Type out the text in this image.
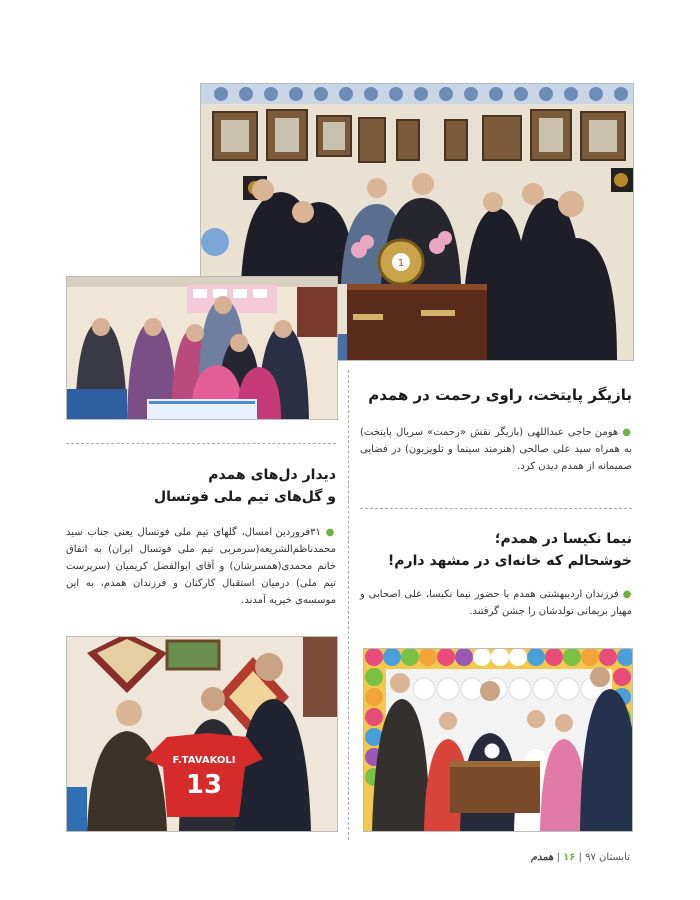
1
بازیگر پایتخت، راوی رحمت در همدم
● هومن حاجی عبداللهی (بازیگر نقش «رحمت» سریال پایتخت) به همراه سید علی صالحی (هنرمند سینما و تلویزیون) در فضایی صمیمانه از همدم دیدن کرد.
دیدار دل‌های همدم
و گل‌های تیم ملی فوتسال
● ۳۱فروردین امسال، گلهای تیم ملی فوتسال یعنی جناب سید محمدناظم‌الشریعه(سرمربی تیم ملی فوتسال ایران) به اتفاق خانم محمدی(همسرشان) و آقای ابوالفضل کریمیان (سرپرست تیم ملی) درمیان استقبال کارکنان و فرزندان همدم، به این موسسه‌ی خیریه آمدند.
نیما نکیسا در همدم؛
خوشحالم که خانه‌ای در مشهد دارم!
● فرزندان اردیبهشتی همدم با حضور نیما نکیسا، علی اصحابی و مهیار بریمانی تولدشان را جشن گرفتند.
F.TAVAKOLI
13
تابستان ۹۷ | ۱۶ | همدم
